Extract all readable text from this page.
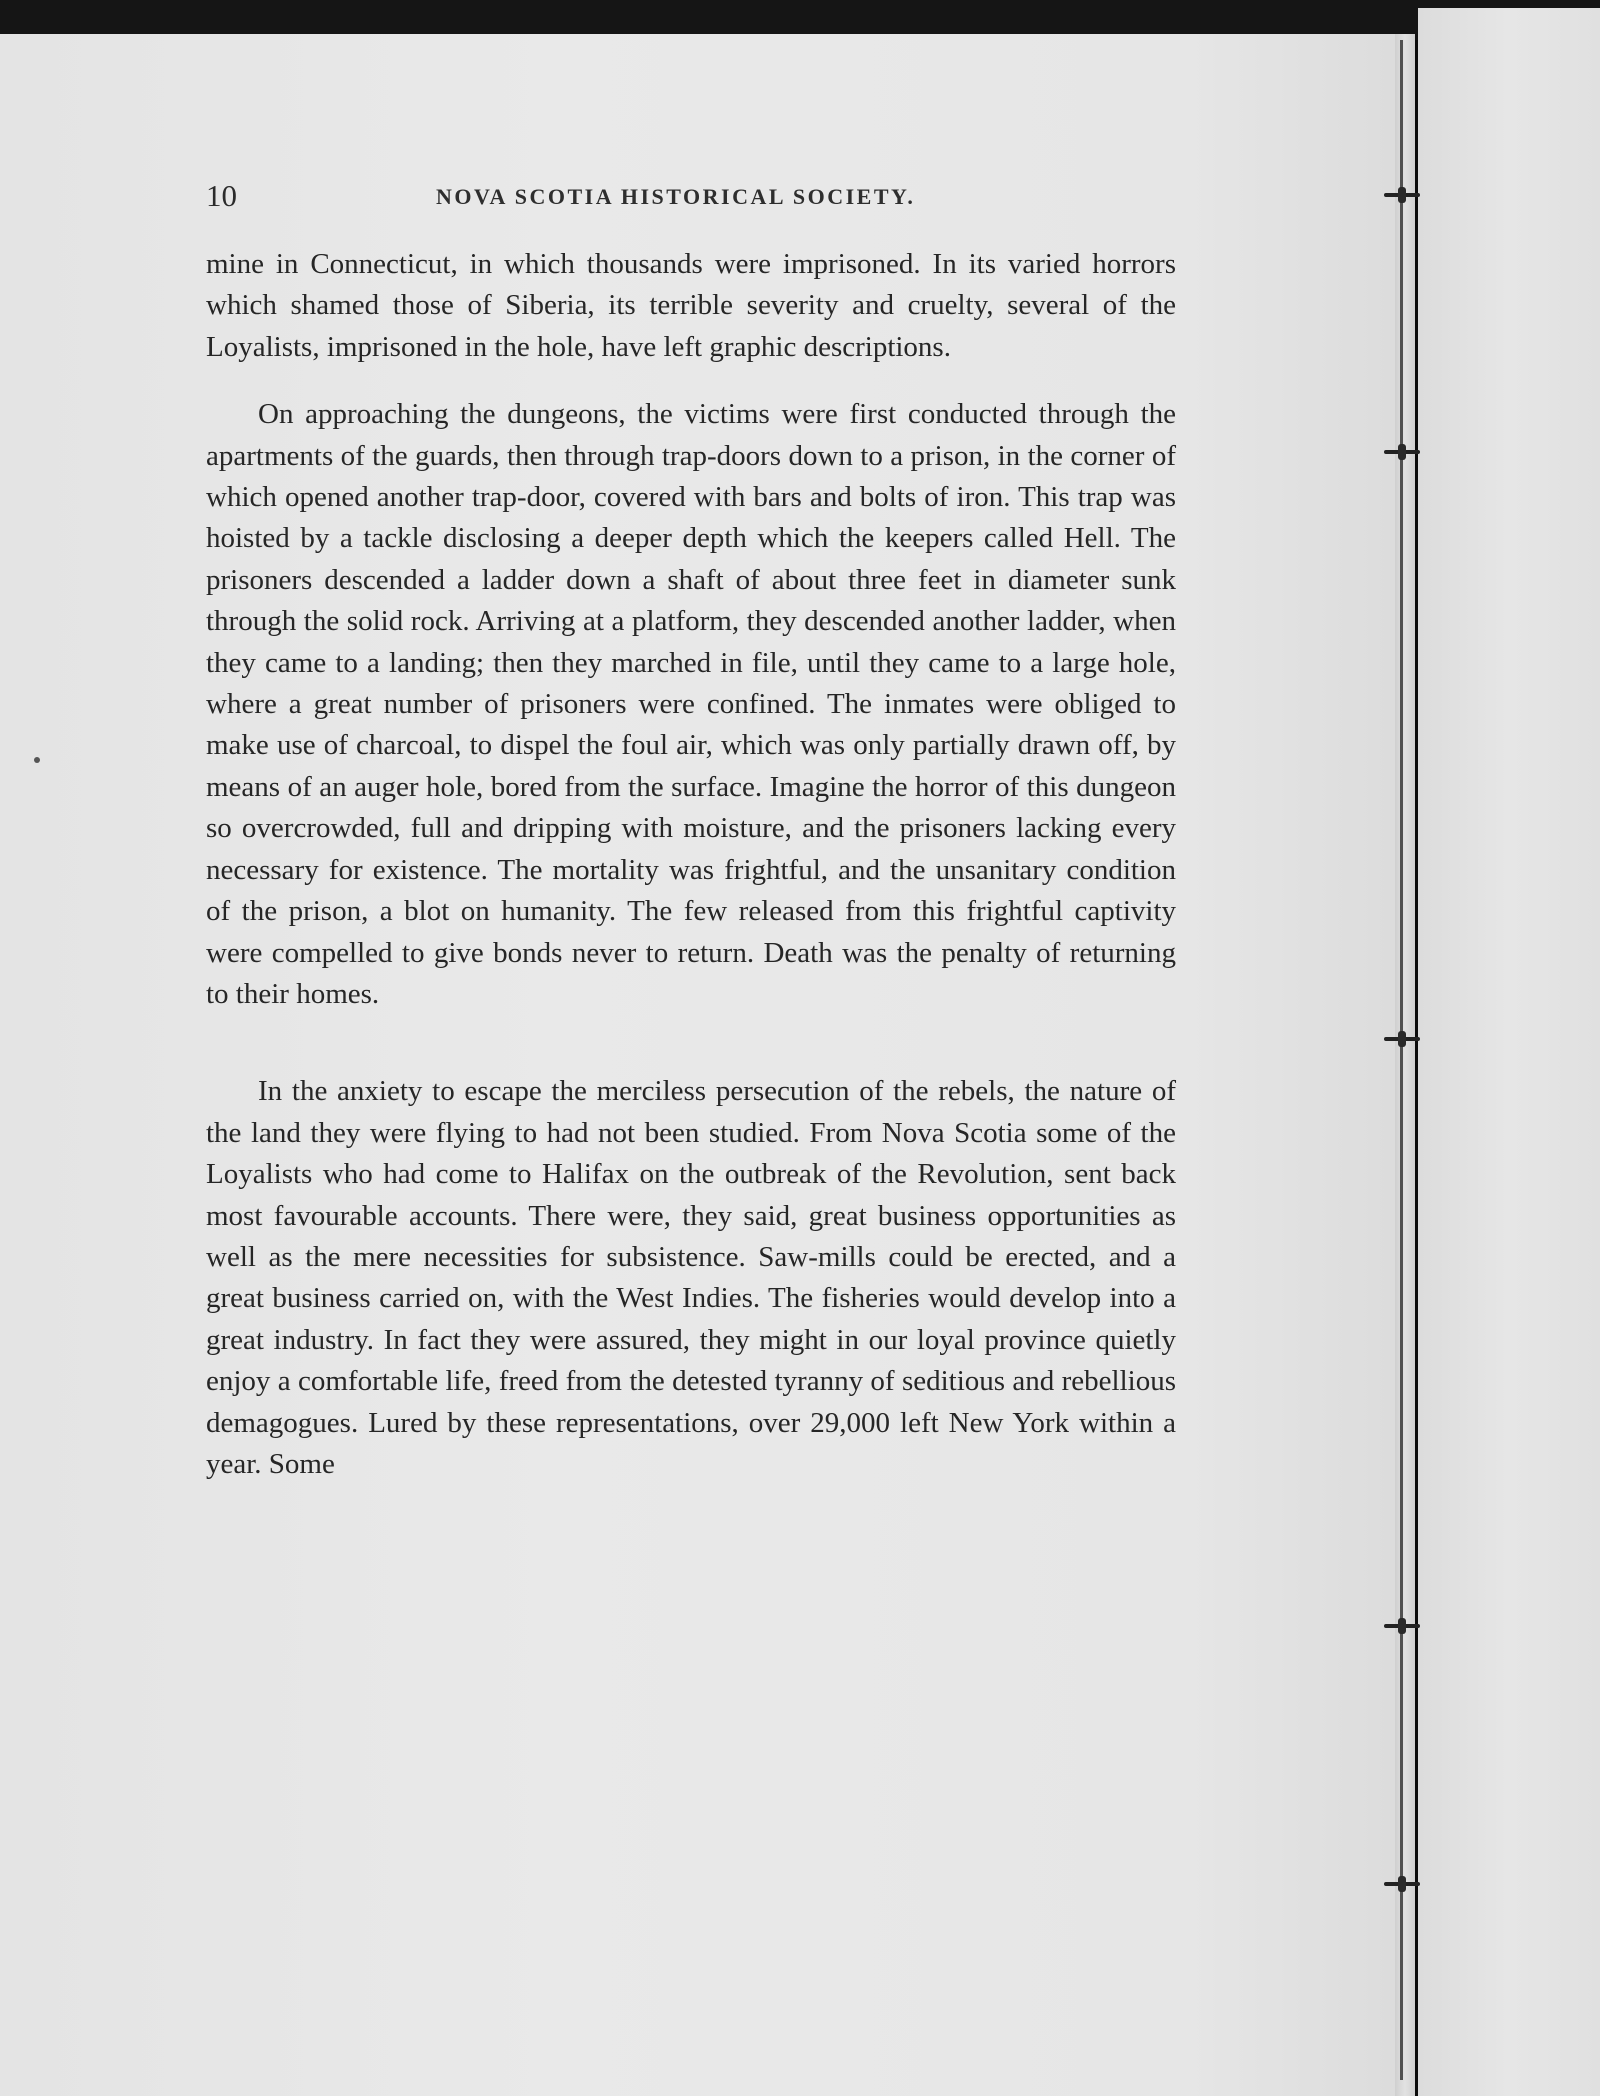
10	NOVA SCOTIA HISTORICAL SOCIETY.

mine in Connecticut, in which thousands were imprisoned. In its varied horrors which shamed those of Siberia, its terrible severity and cruelty, several of the Loyalists, imprisoned in the hole, have left graphic descriptions.

On approaching the dungeons, the victims were first conducted through the apartments of the guards, then through trap-doors down to a prison, in the corner of which opened another trap-door, covered with bars and bolts of iron. This trap was hoisted by a tackle disclosing a deeper depth which the keepers called Hell. The prisoners descended a ladder down a shaft of about three feet in diameter sunk through the solid rock. Arriving at a platform, they descended another ladder, when they came to a landing; then they marched in file, until they came to a large hole, where a great number of prisoners were confined. The inmates were obliged to make use of charcoal, to dispel the foul air, which was only partially drawn off, by means of an auger hole, bored from the surface. Imagine the horror of this dungeon so overcrowded, full and dripping with moisture, and the prisoners lacking every necessary for existence. The mortality was frightful, and the unsanitary condition of the prison, a blot on humanity. The few released from this frightful captivity were compelled to give bonds never to return. Death was the penalty of returning to their homes.

In the anxiety to escape the merciless persecution of the rebels, the nature of the land they were flying to had not been studied. From Nova Scotia some of the Loyalists who had come to Halifax on the outbreak of the Revolution, sent back most favourable accounts. There were, they said, great business opportunities as well as the mere necessities for subsistence. Saw-mills could be erected, and a great business carried on, with the West Indies. The fisheries would develop into a great industry. In fact they were assured, they might in our loyal province quietly enjoy a comfortable life, freed from the detested tyranny of seditious and rebellious demagogues. Lured by these representations, over 29,000 left New York within a year. Some
